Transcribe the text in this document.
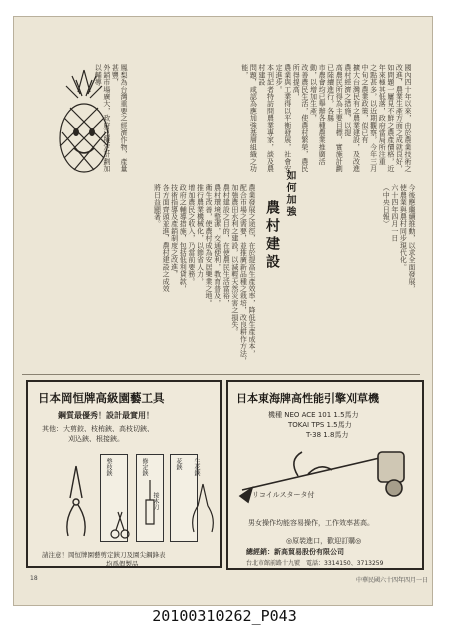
國內四十年以來，由於農業技術之改進，農業生產方面之成就良好，
如問題一屢見不鮮之農產價格，近年來極其低落，政府當局所注重
之點甚多，以近期觀察，今年三月中旬之農業政策，似已有
擴大台灣民有之農業建設，及改進農村經濟之措施，以提
高農民所得為主要目標，實施計劃已陸續進行，各縣
市農會均已舉辦各種農業推廣活動，以增加生產，
改善農民生活，使農村繁榮，農民所得提高，
農業與工業得以平衡發展，社會安定進步。
本刊記者特訪問農業專家，談及農村建設
問題，咸認為應加強基層組織之功能，
鳳梨為台灣重要之經濟作物，產量甚豐，
外銷市場廣大，政府已擬定計劃加以輔導，
如何加強
農村建設
農業發展之途徑，在於提高生產效率，降低生產成本，
配合市場之需要，並推廣新品種之栽培，改良耕作方法，
加強農田水利之建設，以減輕天然災害之損失。
農村建設之目的，在使農民生活富裕，
農村環境整潔，交通便利，教育普及，
衛生改善，使農村成為安居樂業之地。
推行農業機械化，以節省人力，
增加農民之收入，乃當前要務。
政府之輔導措施，包括低利貸款，
技術指導及產銷制度之改進，
各方面齊頭並進，農村建設之成效
將日益顯著。	今後應繼續推動，以求全面發展，
使農業與農村同步現代化。
六十四年四月一日
（中央日報）
日本岡恒牌高級園藝工具
鋼質最優秀！設計最實用！
其他：大剪鉸、枝栯鋏、高枝切鋏、
刈込鋏、根接鋏。
修定鋏
整枝鋏
接木刀
花鋏 生花鋏
請注意！岡恒牌園藝剪定鋏刀及園尖鋼鋒表
均爲假製品
日本東海牌高性能引擎刈草機
機種 NEO ACE 101 1.5馬力
TOKAI TPS 1.5馬力
T-38 1.8馬力
リコイルスタータ付
男女操作均能容易操作，工作效率甚高。
◎原裝進口，歡迎訂購◎
總經銷：新高貿易股份有限公司
台北市館前路十九號　電話：3314150、3713259
18	中華民國六十四年四月一日
20100310262_P043
